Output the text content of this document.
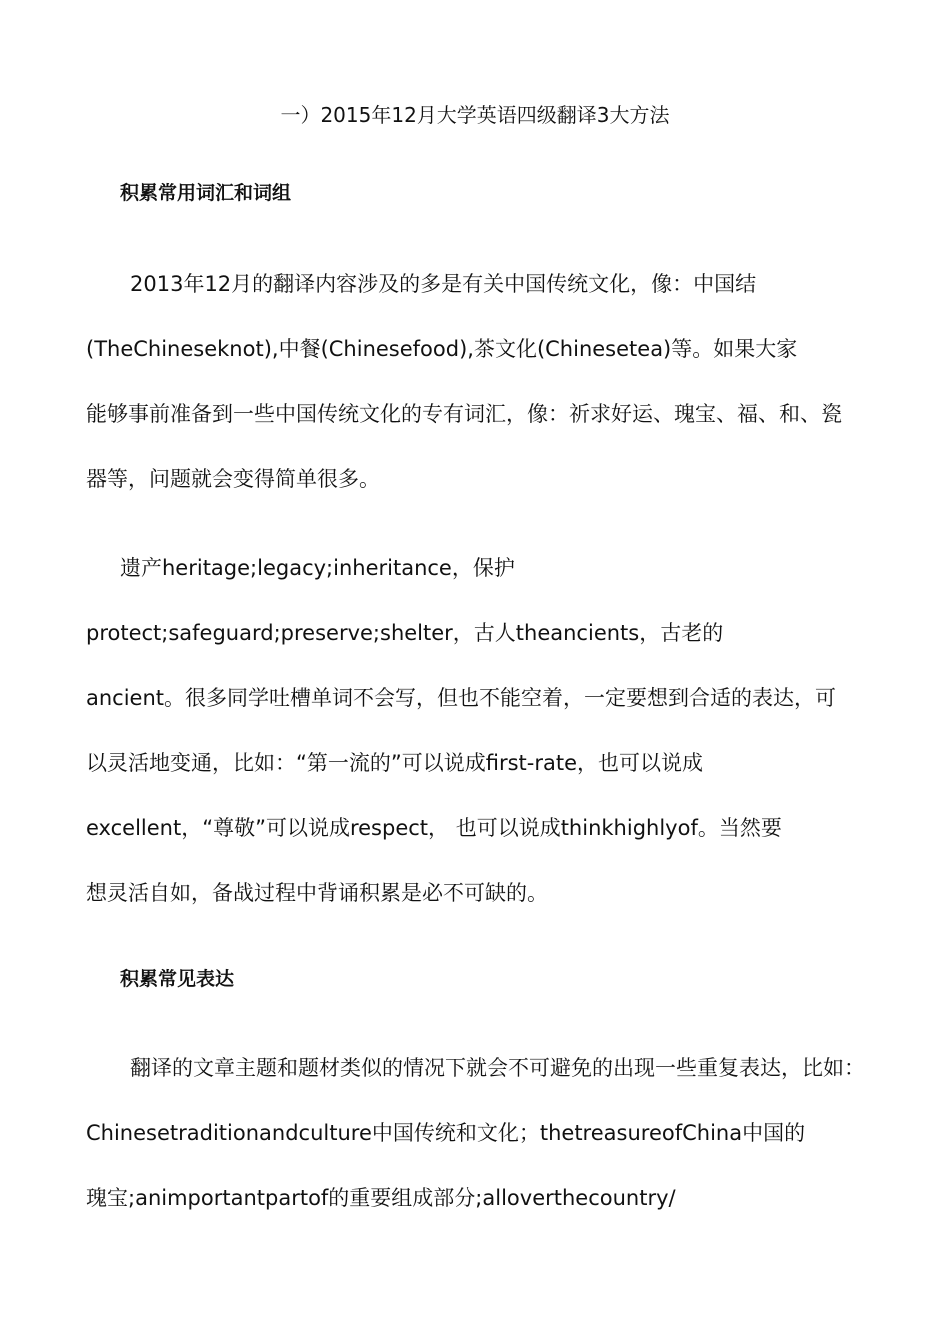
一）2015年12月大学英语四级翻译3大方法
积累常用词汇和词组

2013年12月的翻译内容涉及的多是有关中国传统文化，像：中国结
(TheChineseknot),中餐(Chinesefood),茶文化(Chinesetea)等。如果大家
能够事前准备到一些中国传统文化的专有词汇，像：祈求好运、瑰宝、福、和、瓷
器等，问题就会变得简单很多。

遗产heritage;legacy;inheritance，保护
protect;safeguard;preserve;shelter，古人theancients，古老的
ancient。很多同学吐槽单词不会写，但也不能空着，一定要想到合适的表达，可
以灵活地变通，比如：“第一流的”可以说成first-rate，也可以说成
excellent，“尊敬”可以说成respect， 也可以说成thinkhighlyof。当然要
想灵活自如，备战过程中背诵积累是必不可缺的。

积累常见表达

翻译的文章主题和题材类似的情况下就会不可避免的出现一些重复表达，比如：
Chinesetraditionandculture中国传统和文化；thetreasureofChina中国的
瑰宝;animportantpartof的重要组成部分;alloverthecountry/
